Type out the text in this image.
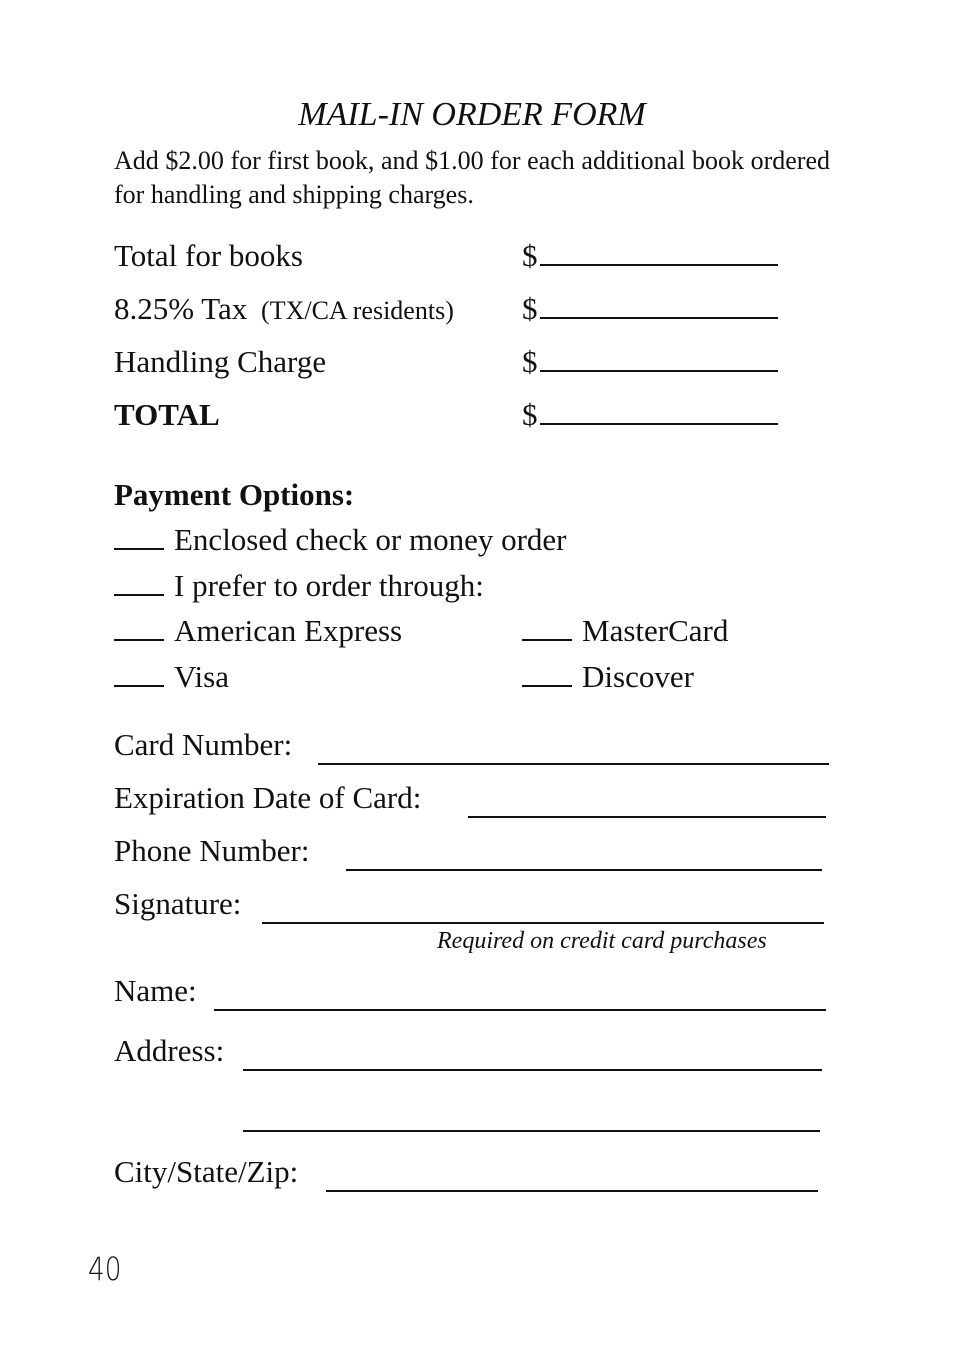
MAIL-IN ORDER FORM
Add $2.00 for first book, and $1.00 for each additional book ordered for handling and shipping charges.
Total for books	$
8.25% Tax (TX/CA residents) $
Handling Charge	$
TOTAL	$
Payment Options:
Enclosed check or money order
I prefer to order through:
American Express	MasterCard
Visa	Discover
Card Number:
Expiration Date of Card:
Phone Number:
Signature:
Required on credit card purchases
Name:
Address:
City/State/Zip:
40
